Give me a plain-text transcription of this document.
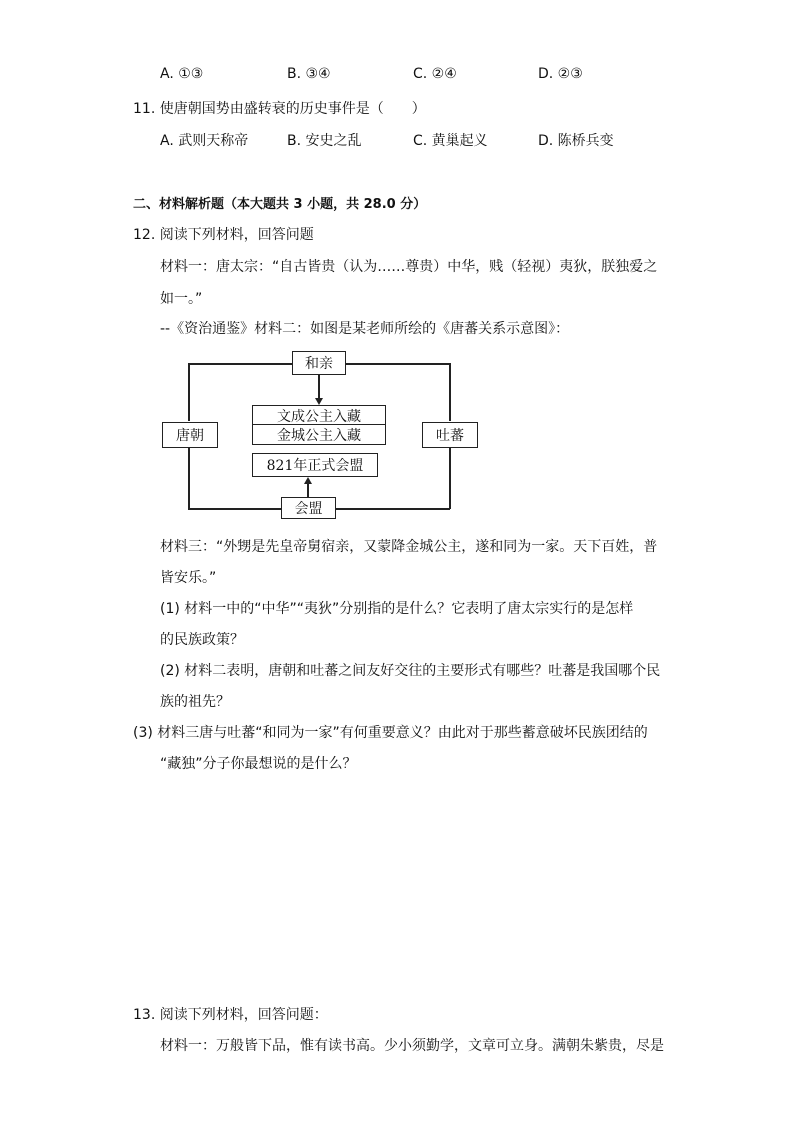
A. ①③	B. ③④	C. ②④	D. ②③
11. 使唐朝国势由盛转衰的历史事件是（　　）
A. 武则天称帝	B. 安史之乱	C. 黄巢起义	D. 陈桥兵变
二、材料解析题（本大题共 3 小题，共 28.0 分）
12. 阅读下列材料，回答问题
材料一：唐太宗：“自古皆贵（认为……尊贵）中华，贱（轻视）夷狄，朕独爱之
如一。”
--《资治通鉴》材料二：如图是某老师所绘的《唐蕃关系示意图》：
和亲
唐朝	吐蕃
文成公主入藏
金城公主入藏
821年正式会盟
会盟
材料三：“外甥是先皇帝舅宿亲，又蒙降金城公主，遂和同为一家。天下百姓，普
皆安乐。”
(1) 材料一中的“中华”“夷狄”分别指的是什么？它表明了唐太宗实行的是怎样
的民族政策？
(2) 材料二表明，唐朝和吐蕃之间友好交往的主要形式有哪些？吐蕃是我国哪个民
族的祖先？
(3) 材料三唐与吐蕃“和同为一家”有何重要意义？由此对于那些蓄意破坏民族团结的
“藏独”分子你最想说的是什么？
13. 阅读下列材料，回答问题：
材料一：万般皆下品，惟有读书高。少小须勤学，文章可立身。满朝朱紫贵，尽是
